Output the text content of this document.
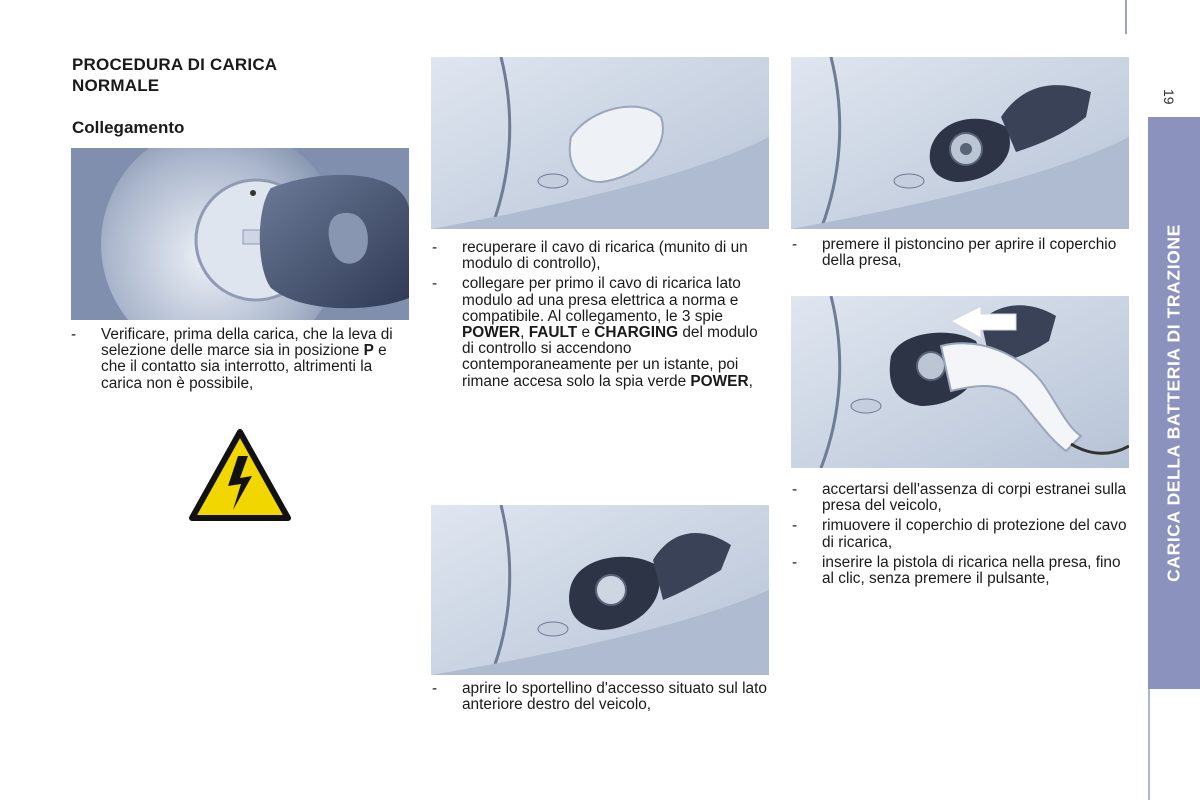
PROCEDURA DI CARICA
NORMALE
Collegamento

- Verificare, prima della carica, che la leva di selezione delle marce sia in posizione P e che il contatto sia interrotto, altrimenti la carica non è possibile,

- recuperare il cavo di ricarica (munito di un modulo di controllo),

- collegare per primo il cavo di ricarica lato modulo ad una presa elettrica a norma e compatibile. Al collegamento, le 3 spie POWER, FAULT e CHARGING del modulo di controllo si accendono contemporaneamente per un istante, poi rimane accesa solo la spia verde POWER,

- aprire lo sportellino d'accesso situato sul lato anteriore destro del veicolo,

- premere il pistoncino per aprire il coperchio della presa,

- accertarsi dell'assenza di corpi estranei sulla presa del veicolo,

- rimuovere il coperchio di protezione del cavo di ricarica,

- inserire la pistola di ricarica nella presa, fino al clic, senza premere il pulsante,

19
CARICA DELLA BATTERIA DI TRAZIONE
